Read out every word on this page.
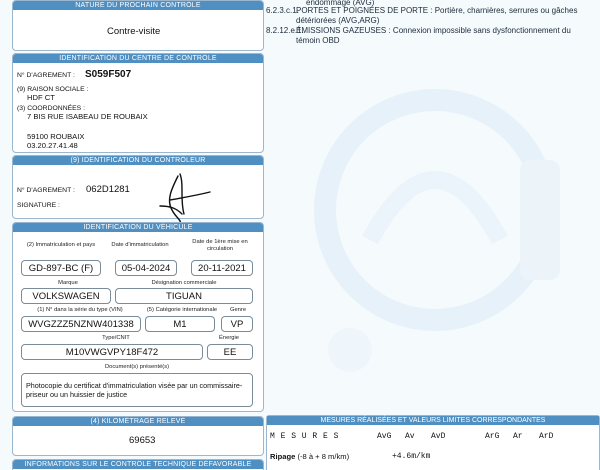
endommage (AVG)
6.2.3.c.1.
PORTES ET POIGNÉES DE PORTE : Portière, charnières, serrures ou gâches détériorées (AVG,ARG)
8.2.12.e.1.
ÉMISSIONS GAZEUSES : Connexion impossible sans dysfonctionnement du témoin OBD
NATURE DU PROCHAIN CONTRÔLE
Contre-visite
IDENTIFICATION DU CENTRE DE CONTRÔLE
N° D'AGREMENT : S059F507
(9) RAISON SOCIALE :
HDF CT
(3) COORDONNÉES :
7 BIS RUE ISABEAU DE ROUBAIX
59100 ROUBAIX
03.20.27.41.48
(9) IDENTIFICATION DU CONTRÔLEUR
N° D'AGREMENT : 062D1281
SIGNATURE :
IDENTIFICATION DU VÉHICULE
(2) Immatriculation et pays	Date d'immatriculation	Date de 1ère mise en circulation
GD-897-BC (F)	05-04-2024	20-11-2021
Marque	Désignation commerciale
VOLKSWAGEN	TIGUAN
(1) N° dans la série du type (VIN)	(5) Catégorie internationale	Genre
WVGZZZ5NZNW401338	M1	VP
Type/CNIT	Énergie
M10VWGVPY18F472	EE
Document(s) présenté(s)
Photocopie du certificat d'immatriculation visée par un commissaire-priseur ou un huissier de justice
(4) KILOMÉTRAGE RELEVÉ
69653
INFORMATIONS SUR LE CONTRÔLE TECHNIQUE DÉFAVORABLE
MESURES RÉALISÉES ET VALEURS LIMITES CORRESPONDANTES
M E S U R E S	AvG Av AvD	ArG Ar ArD
Ripage (-8 à + 8 m/km)	+4.6m/km
